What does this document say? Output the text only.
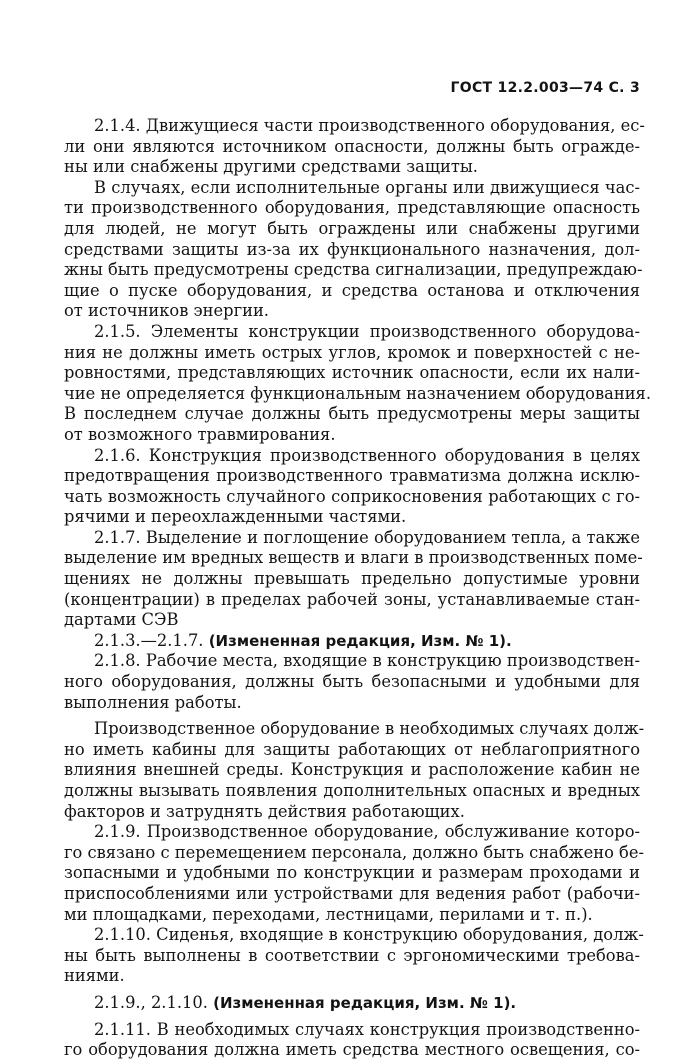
ГОСТ 12.2.003—74 С. 3
2.1.4. Движущиеся части производственного оборудования, ес-
ли они являются источником опасности, должны быть огражде-
ны или снабжены другими средствами защиты.
В случаях, если исполнительные органы или движущиеся час-
ти производственного оборудования, представляющие опасность
для людей, не могут быть ограждены или снабжены другими
средствами защиты из-за их функционального назначения, дол-
жны быть предусмотрены средства сигнализации, предупреждаю-
щие о пуске оборудования, и средства останова и отключения
от источников энергии.
2.1.5. Элементы конструкции производственного оборудова-
ния не должны иметь острых углов, кромок и поверхностей с не-
ровностями, представляющих источник опасности, если их нали-
чие не определяется функциональным назначением оборудования.
В последнем случае должны быть предусмотрены меры защиты
от возможного травмирования.
2.1.6. Конструкция производственного оборудования в целях
предотвращения производственного травматизма должна исклю-
чать возможность случайного соприкосновения работающих с го-
рячими и переохлажденными частями.
2.1.7. Выделение и поглощение оборудованием тепла, а также
выделение им вредных веществ и влаги в производственных поме-
щениях не должны превышать предельно допустимые уровни
(концентрации) в пределах рабочей зоны, устанавливаемые стан-
дартами СЭВ
2.1.3.—2.1.7. (Измененная редакция, Изм. № 1).
2.1.8. Рабочие места, входящие в конструкцию производствен-
ного оборудования, должны быть безопасными и удобными для
выполнения работы.
Производственное оборудование в необходимых случаях долж-
но иметь кабины для защиты работающих от неблагоприятного
влияния внешней среды. Конструкция и расположение кабин не
должны вызывать появления дополнительных опасных и вредных
факторов и затруднять действия работающих.
2.1.9. Производственное оборудование, обслуживание которо-
го связано с перемещением персонала, должно быть снабжено бе-
зопасными и удобными по конструкции и размерам проходами и
приспособлениями или устройствами для ведения работ (рабочи-
ми площадками, переходами, лестницами, перилами и т. п.).
2.1.10. Сиденья, входящие в конструкцию оборудования, долж-
ны быть выполнены в соответствии с эргономическими требова-
ниями.
2.1.9., 2.1.10. (Измененная редакция, Изм. № 1).
2.1.11. В необходимых случаях конструкция производственно-
го оборудования должна иметь средства местного освещения, со-
